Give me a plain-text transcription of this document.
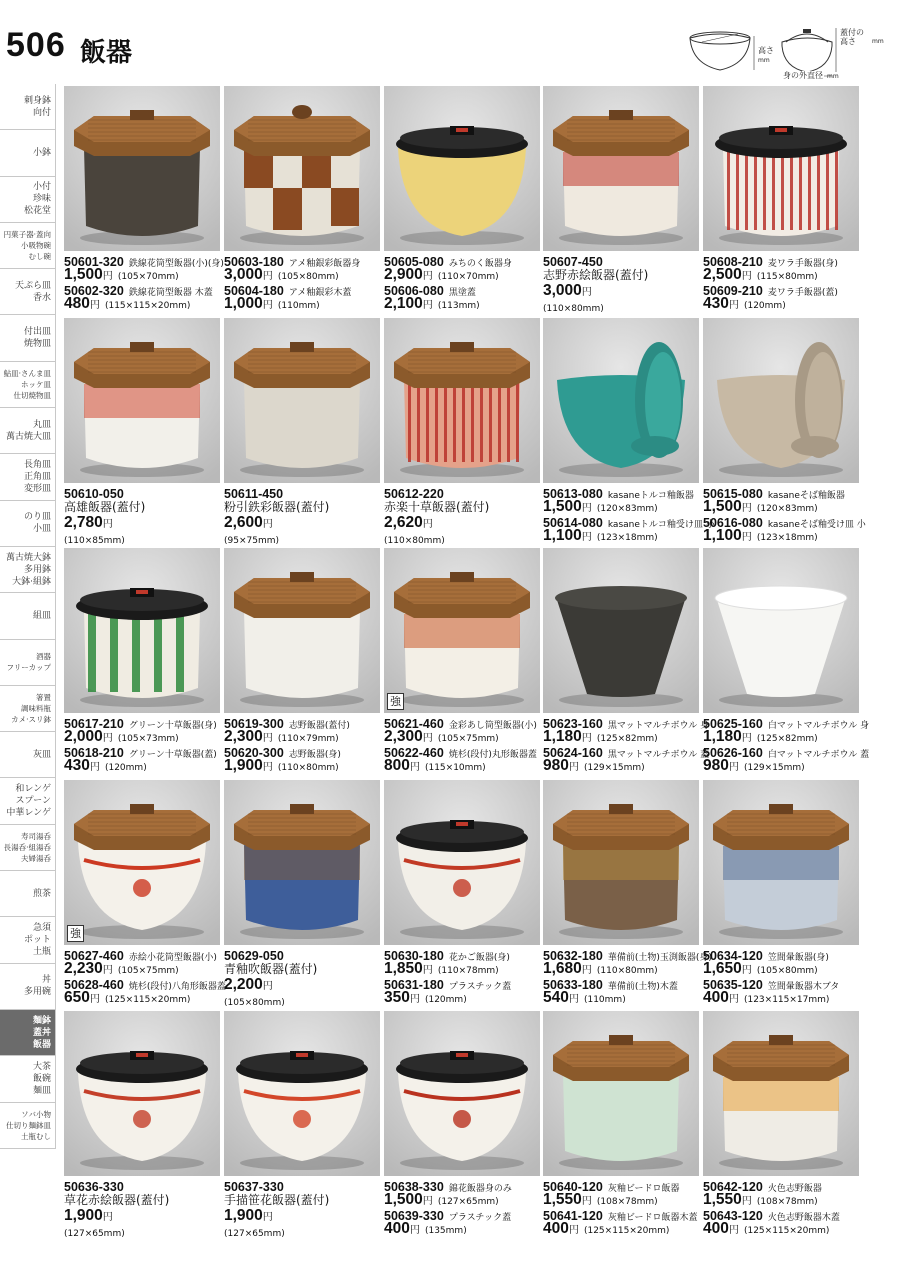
506 飯器	高さ
mm
蓋付の高さ	mm
身の外直径 mm
刺身鉢
向付
小鉢
小付
珍味
松花堂
円菓子器·蓋向
小吸物碗
むし碗
天ぷら皿
香水
付出皿
焼物皿
鮎皿·さんま皿
ホッケ皿
仕切焼物皿
丸皿
萬古焼大皿
長角皿
正角皿
変形皿
のり皿
小皿
萬古焼大鉢
多用鉢
大鉢·組鉢
組皿
酒器
フリーカップ
箸置
調味料瓶
カメ·スリ鉢
灰皿
和レンゲ
スプーン
中華レンゲ
寿司湯呑
長湯呑·組湯呑
夫婦湯呑
煎茶
急須
ポット
土瓶
丼
多用碗
麺鉢
蓋丼
飯器
大茶
飯碗
麺皿
ソバ小物
仕切り麺鉢皿
土瓶むし
50601-320 鉄線花筒型飯器(小)(身)
1,500円 (105×70mm)
50602-320 鉄線花筒型飯器 木蓋
480円 (115×115×20mm)
50603-180 アメ釉銀彩飯器身
3,000円 (105×80mm)
50604-180 アメ釉銀彩木蓋
1,000円 (110mm)
50605-080 みちのく飯器身
2,900円 (110×70mm)
50606-080 黒塗蓋
2,100円 (113mm)
50607-450
志野赤絵飯器(蓋付)
3,000円
(110×80mm)
50608-210 麦ワラ手飯器(身)
2,500円 (115×80mm)
50609-210 麦ワラ手飯器(蓋)
430円 (120mm)
50610-050
高雄飯器(蓋付)
2,780円
(110×85mm)
50611-450
粉引鉄彩飯器(蓋付)
2,600円
(95×75mm)
50612-220
赤楽十草飯器(蓋付)
2,620円
(110×80mm)
50613-080 kasaneトルコ釉飯器
1,500円 (120×83mm)
50614-080 kasaneトルコ釉受け皿 小
1,100円 (123×18mm)
50615-080 kasaneそば釉飯器
1,500円 (120×83mm)
50616-080 kasaneそば釉受け皿 小
1,100円 (123×18mm)
50617-210 グリーン十草飯器(身)
2,000円 (105×73mm)
50618-210 グリーン十草飯器(蓋)
430円 (120mm)
50619-300 志野飯器(蓋付)
2,300円 (110×79mm)
50620-300 志野飯器(身)
1,900円 (110×80mm)
強
50621-460 金彩あし筒型飯器(小)
2,300円 (105×75mm)
50622-460 焼杉(段付)丸形飯器蓋
800円 (115×10mm)
50623-160 黒マットマルチボウル 身
1,180円 (125×82mm)
50624-160 黒マットマルチボウル 蓋
980円 (129×15mm)
50625-160 白マットマルチボウル 身
1,180円 (125×82mm)
50626-160 白マットマルチボウル 蓋
980円 (129×15mm)
強
50627-460 赤絵小花筒型飯器(小)
2,230円 (105×75mm)
50628-460 焼杉(段付)八角形飯器蓋
650円 (125×115×20mm)
50629-050
青釉吹飯器(蓋付)
2,200円
(105×80mm)
50630-180 花かご飯器(身)
1,850円 (110×78mm)
50631-180 プラスチック蓋
350円 (120mm)
50632-180 華備前(土物)玉渕飯器(身)
1,680円 (110×80mm)
50633-180 華備前(土物)木蓋
540円 (110mm)
50634-120 笠間暈飯器(身)
1,650円 (105×80mm)
50635-120 笠間暈飯器木ブタ
400円 (123×115×17mm)
50636-330
草花赤絵飯器(蓋付)
1,900円
(127×65mm)
50637-330
手描笹花飯器(蓋付)
1,900円
(127×65mm)
50638-330 錦花飯器身のみ
1,500円 (127×65mm)
50639-330 プラスチック蓋
400円 (135mm)
50640-120 灰釉ビードロ飯器
1,550円 (108×78mm)
50641-120 灰釉ビードロ飯器木蓋
400円 (125×115×20mm)
50642-120 火色志野飯器
1,550円 (108×78mm)
50643-120 火色志野飯器木蓋
400円 (125×115×20mm)
